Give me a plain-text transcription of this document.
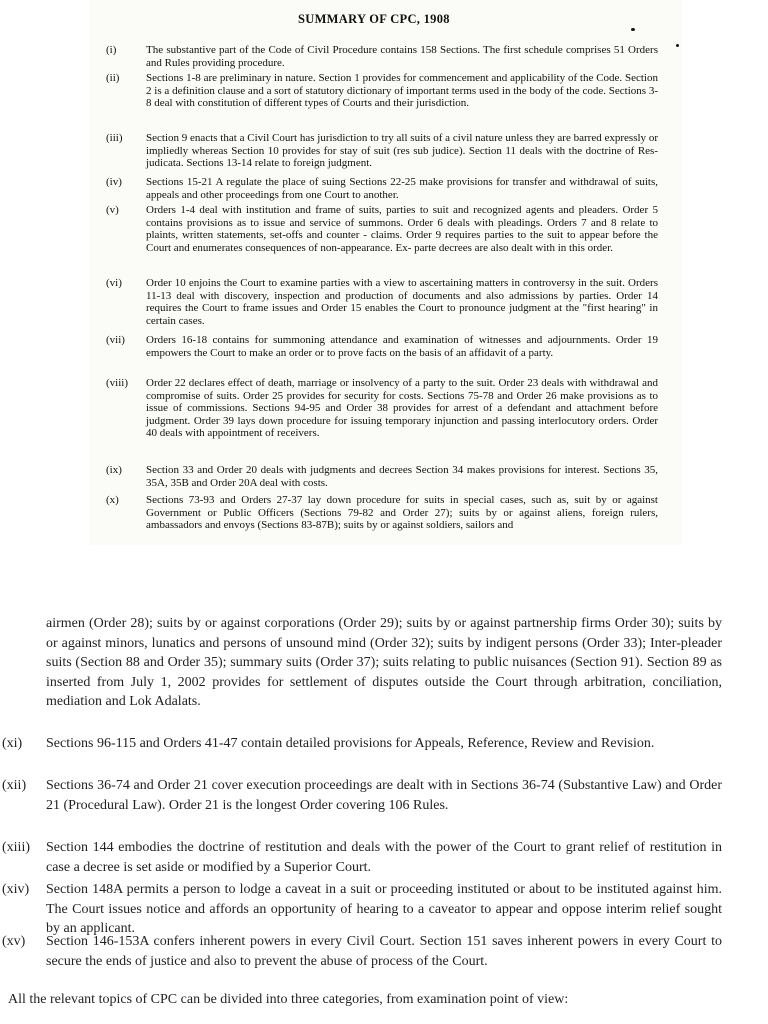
SUMMARY OF CPC, 1908
(i)	The substantive part of the Code of Civil Procedure contains 158 Sections. The first schedule comprises 51 Orders and Rules providing procedure.
(ii)	Sections 1-8 are preliminary in nature. Section 1 provides for commencement and applicability of the Code. Section 2 is a definition clause and a sort of statutory dictionary of important terms used in the body of the code. Sections 3-8 deal with constitution of different types of Courts and their jurisdiction.
(iii)	Section 9 enacts that a Civil Court has jurisdiction to try all suits of a civil nature unless they are barred expressly or impliedly whereas Section 10 provides for stay of suit (res sub judice). Section 11 deals with the doctrine of Res-judicata. Sections 13-14 relate to foreign judgment.
(iv)	Sections 15-21 A regulate the place of suing Sections 22-25 make provisions for transfer and withdrawal of suits, appeals and other proceedings from one Court to another.
(v)	Orders 1-4 deal with institution and frame of suits, parties to suit and recognized agents and pleaders. Order 5 contains provisions as to issue and service of summons. Order 6 deals with pleadings. Orders 7 and 8 relate to plaints, written statements, set-offs and counter - claims. Order 9 requires parties to the suit to appear before the Court and enumerates consequences of non-appearance. Ex- parte decrees are also dealt with in this order.
(vi)	Order 10 enjoins the Court to examine parties with a view to ascertaining matters in controversy in the suit. Orders 11-13 deal with discovery, inspection and production of documents and also admissions by parties. Order 14 requires the Court to frame issues and Order 15 enables the Court to pronounce judgment at the "first hearing" in certain cases.
(vii)	Orders 16-18 contains for summoning attendance and examination of witnesses and adjournments. Order 19 empowers the Court to make an order or to prove facts on the basis of an affidavit of a party.
(viii)	Order 22 declares effect of death, marriage or insolvency of a party to the suit. Order 23 deals with withdrawal and compromise of suits. Order 25 provides for security for costs. Sections 75-78 and Order 26 make provisions as to issue of commissions. Sections 94-95 and Order 38 provides for arrest of a defendant and attachment before judgment. Order 39 lays down procedure for issuing temporary injunction and passing interlocutory orders. Order 40 deals with appointment of receivers.
(ix)	Section 33 and Order 20 deals with judgments and decrees Section 34 makes provisions for interest. Sections 35, 35A, 35B and Order 20A deal with costs.
(x)	Sections 73-93 and Orders 27-37 lay down procedure for suits in special cases, such as, suit by or against Government or Public Officers (Sections 79-82 and Order 27); suits by or against aliens, foreign rulers, ambassadors and envoys (Sections 83-87B); suits by or against soldiers, sailors and
airmen (Order 28); suits by or against corporations (Order 29); suits by or against partnership firms Order 30); suits by or against minors, lunatics and persons of unsound mind (Order 32); suits by indigent persons (Order 33); Inter-pleader suits (Section 88 and Order 35); summary suits (Order 37); suits relating to public nuisances (Section 91). Section 89 as inserted from July 1, 2002 provides for settlement of disputes outside the Court through arbitration, conciliation, mediation and Lok Adalats.
(xi)	Sections 96-115 and Orders 41-47 contain detailed provisions for Appeals, Reference, Review and Revision.
(xii)	Sections 36-74 and Order 21 cover execution proceedings are dealt with in Sections 36-74 (Substantive Law) and Order 21 (Procedural Law). Order 21 is the longest Order covering 106 Rules.
(xiii)	Section 144 embodies the doctrine of restitution and deals with the power of the Court to grant relief of restitution in case a decree is set aside or modified by a Superior Court.
(xiv)	Section 148A permits a person to lodge a caveat in a suit or proceeding instituted or about to be instituted against him. The Court issues notice and affords an opportunity of hearing to a caveator to appear and oppose interim relief sought by an applicant.
(xv)	Section 146-153A confers inherent powers in every Civil Court. Section 151 saves inherent powers in every Court to secure the ends of justice and also to prevent the abuse of process of the Court.
All the relevant topics of CPC can be divided into three categories, from examination point of view:
